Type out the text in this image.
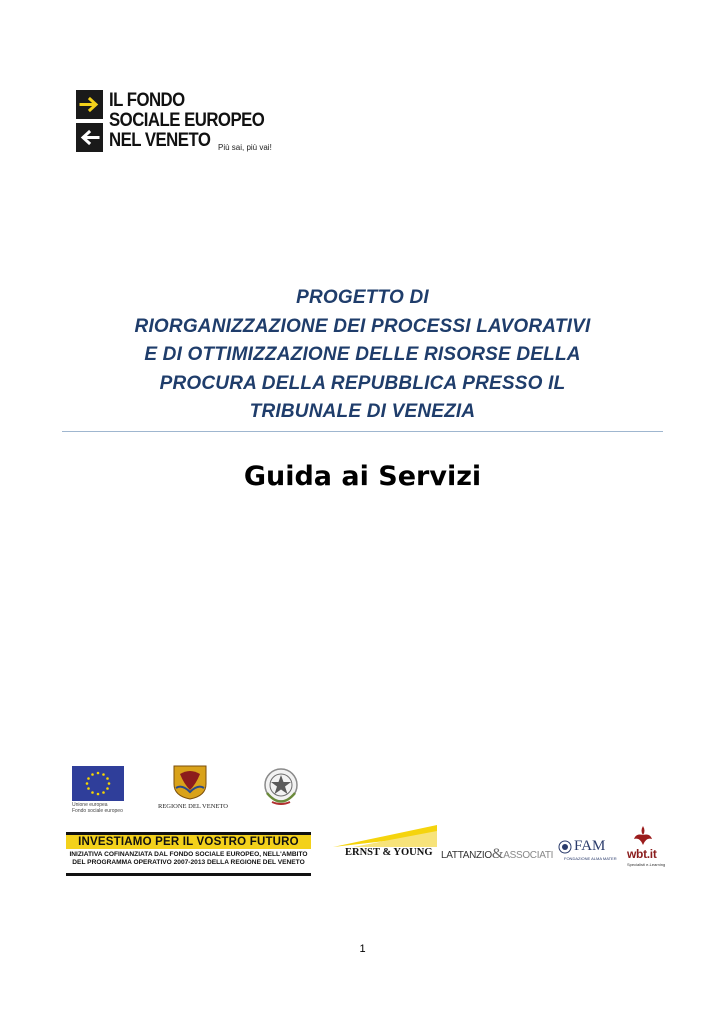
IL FONDO
SOCIALE EUROPEO
NEL VENETO Più sai, più vai!
PROGETTO DI
RIORGANIZZAZIONE DEI PROCESSI LAVORATIVI
E DI OTTIMIZZAZIONE DELLE RISORSE DELLA
PROCURA DELLA REPUBBLICA PRESSO IL
TRIBUNALE DI VENEZIA
Guida ai Servizi
Unione europea
Fondo sociale europeo
REGIONE DEL VENETO
INVESTIAMO PER IL VOSTRO FUTURO
INIZIATIVA COFINANZIATA DAL FONDO SOCIALE EUROPEO, NELL'AMBITO
DEL PROGRAMMA OPERATIVO 2007-2013 DELLA REGIONE DEL VENETO
ERNST & YOUNG LATTANZIO&ASSOCIATI
FAM
FONDAZIONE ALMA MATER wbt.it
Specialisti e-Learning
1
